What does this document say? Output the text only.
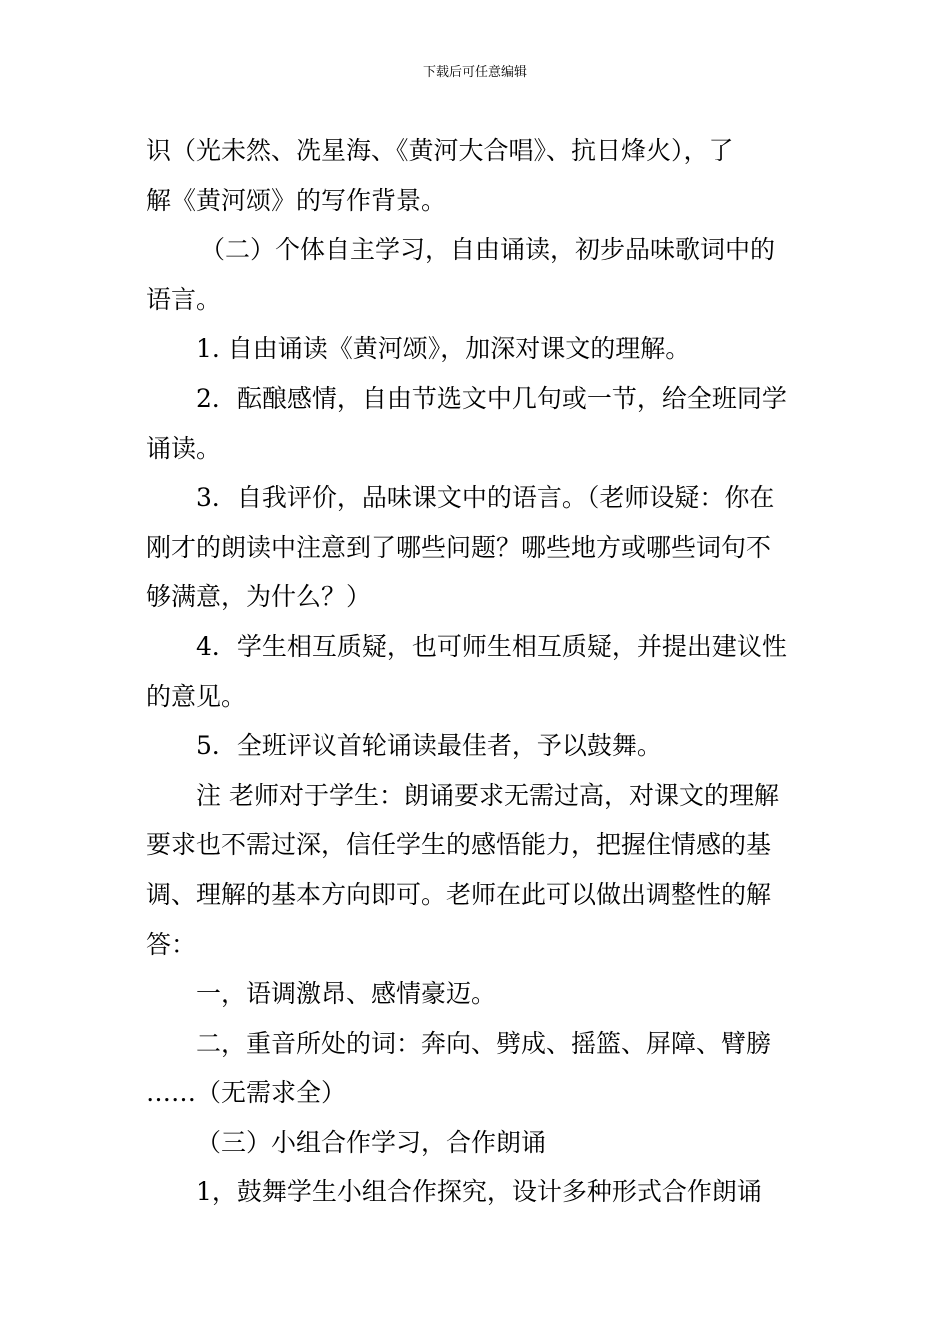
下载后可任意编辑

识（光未然、冼星海、《黄河大合唱》、抗日烽火），了

解《黄河颂》的写作背景。

（二）个体自主学习，自由诵读，初步品味歌词中的

语言。

1. 自由诵读《黄河颂》，加深对课文的理解。

2．酝酿感情，自由节选文中几句或一节，给全班同学

诵读。

3．自我评价，品味课文中的语言。（老师设疑：你在

刚才的朗读中注意到了哪些问题？哪些地方或哪些词句不

够满意，为什么？）

4．学生相互质疑，也可师生相互质疑，并提出建议性

的意见。

5．全班评议首轮诵读最佳者，予以鼓舞。

注 老师对于学生：朗诵要求无需过高，对课文的理解

要求也不需过深，信任学生的感悟能力，把握住情感的基

调、理解的基本方向即可。老师在此可以做出调整性的解

答：

一，语调激昂、感情豪迈。

二，重音所处的词：奔向、劈成、摇篮、屏障、臂膀

……（无需求全）

（三）小组合作学习，合作朗诵

1，鼓舞学生小组合作探究，设计多种形式合作朗诵
